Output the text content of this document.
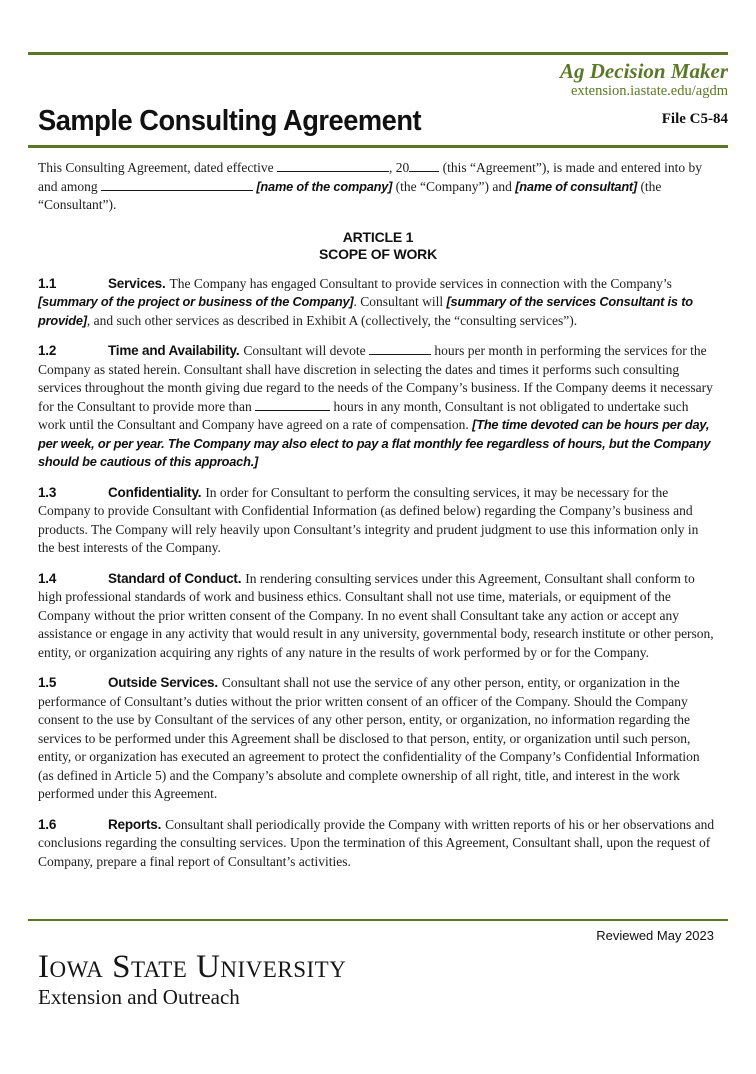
Sample Consulting Agreement
Ag Decision Maker
extension.iastate.edu/agdm
File C5-84

This Consulting Agreement, dated effective	, 20 (this “Agreement”), is made and entered into by and among	[name of the company] (the “Company”) and [name of consultant] (the “Consultant”).

ARTICLE 1
SCOPE OF WORK

1.1	Services. The Company has engaged Consultant to provide services in connection with the Company’s [summary of the project or business of the Company]. Consultant will [summary of the services Consultant is to provide], and such other services as described in Exhibit A (collectively, the “consulting services”).

1.2	Time and Availability. Consultant will devote	hours per month in performing the services for the Company as stated herein. Consultant shall have discretion in selecting the dates and times it performs such consulting services throughout the month giving due regard to the needs of the Company’s business. If the Company deems it necessary for the Consultant to provide more than	hours in any month, Consultant is not obligated to undertake such work until the Consultant and Company have agreed on a rate of compensation. [The time devoted can be hours per day, per week, or per year. The Company may also elect to pay a flat monthly fee regardless of hours, but the Company should be cautious of this approach.]

1.3	Confidentiality. In order for Consultant to perform the consulting services, it may be necessary for the Company to provide Consultant with Confidential Information (as defined below) regarding the Company’s business and products. The Company will rely heavily upon Consultant’s integrity and prudent judgment to use this information only in the best interests of the Company.

1.4	Standard of Conduct. In rendering consulting services under this Agreement, Consultant shall conform to high professional standards of work and business ethics. Consultant shall not use time, materials, or equipment of the Company without the prior written consent of the Company. In no event shall Consultant take any action or accept any assistance or engage in any activity that would result in any university, governmental body, research institute or other person, entity, or organization acquiring any rights of any nature in the results of work performed by or for the Company.

1.5	Outside Services. Consultant shall not use the service of any other person, entity, or organization in the performance of Consultant’s duties without the prior written consent of an officer of the Company. Should the Company consent to the use by Consultant of the services of any other person, entity, or organization, no information regarding the services to be performed under this Agreement shall be disclosed to that person, entity, or organization until such person, entity, or organization has executed an agreement to protect the confidentiality of the Company’s Confidential Information (as defined in Article 5) and the Company’s absolute and complete ownership of all right, title, and interest in the work performed under this Agreement.

1.6	Reports. Consultant shall periodically provide the Company with written reports of his or her observations and conclusions regarding the consulting services. Upon the termination of this Agreement, Consultant shall, upon the request of Company, prepare a final report of Consultant’s activities.

Reviewed May 2023
Iowa State University
Extension and Outreach
